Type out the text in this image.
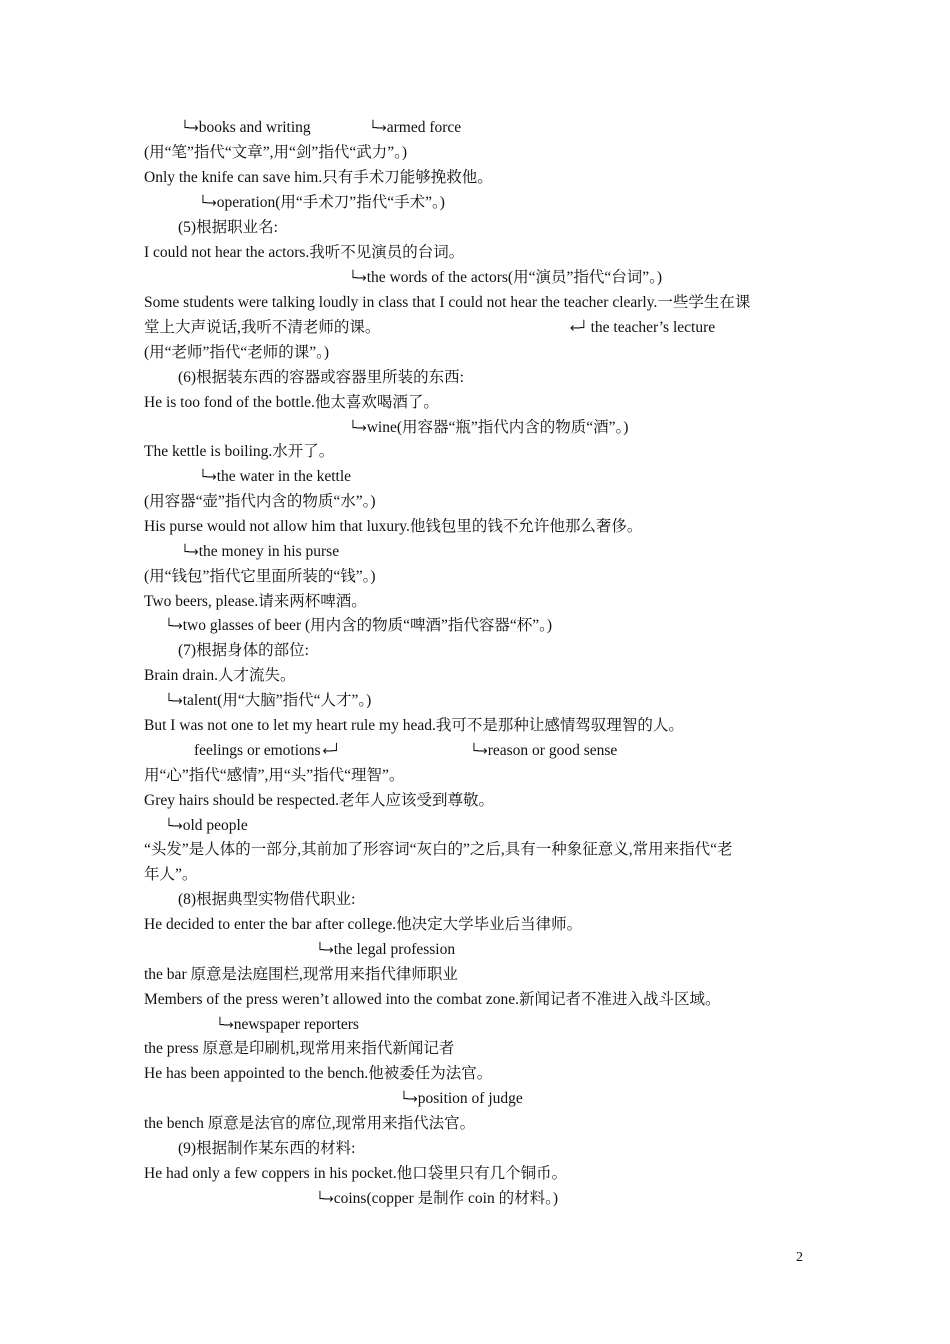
└→books and writing	└→armed force
(用“笔”指代“文章”,用“剑”指代“武力”。)
Only the knife can save him.只有手术刀能够挽救他。
└→operation(用“手术刀”指代“手术”。)
(5)根据职业名:
I could not hear the actors.我听不见演员的台词。
└→the words of the actors(用“演员”指代“台词”。)
Some students were talking loudly in class that I could not hear the teacher clearly.一些学生在课
堂上大声说话,我听不清老师的课。	←┘ the teacher’s lecture
(用“老师”指代“老师的课”。)
(6)根据装东西的容器或容器里所装的东西:
He is too fond of the bottle.他太喜欢喝酒了。
└→wine(用容器“瓶”指代内含的物质“酒”。)
The kettle is boiling.水开了。
└→the water in the kettle
(用容器“壶”指代内含的物质“水”。)
His purse would not allow him that luxury.他钱包里的钱不允许他那么奢侈。
└→the money in his purse
(用“钱包”指代它里面所装的“钱”。)
Two beers, please.请来两杯啤酒。
└→two glasses of beer (用内含的物质“啤酒”指代容器“杯”。)
(7)根据身体的部位:
Brain drain.人才流失。
└→talent(用“大脑”指代“人才”。)
But I was not one to let my heart rule my head.我可不是那种让感情驾驭理智的人。
feelings or emotions ←┘	└→reason or good sense
用“心”指代“感情”,用“头”指代“理智”。
Grey hairs should be respected.老年人应该受到尊敬。
└→old people
“头发”是人体的一部分,其前加了形容词“灰白的”之后,具有一种象征意义,常用来指代“老
年人”。
(8)根据典型实物借代职业:
He decided to enter the bar after college.他决定大学毕业后当律师。
└→the legal profession
the bar 原意是法庭围栏,现常用来指代律师职业
Members of the press weren’t allowed into the combat zone.新闻记者不准进入战斗区域。
└→newspaper reporters
the press 原意是印刷机,现常用来指代新闻记者
He has been appointed to the bench.他被委任为法官。
└→position of judge
the bench 原意是法官的席位,现常用来指代法官。
(9)根据制作某东西的材料:
He had only a few coppers in his pocket.他口袋里只有几个铜币。
└→coins(copper 是制作 coin 的材料。)
2
